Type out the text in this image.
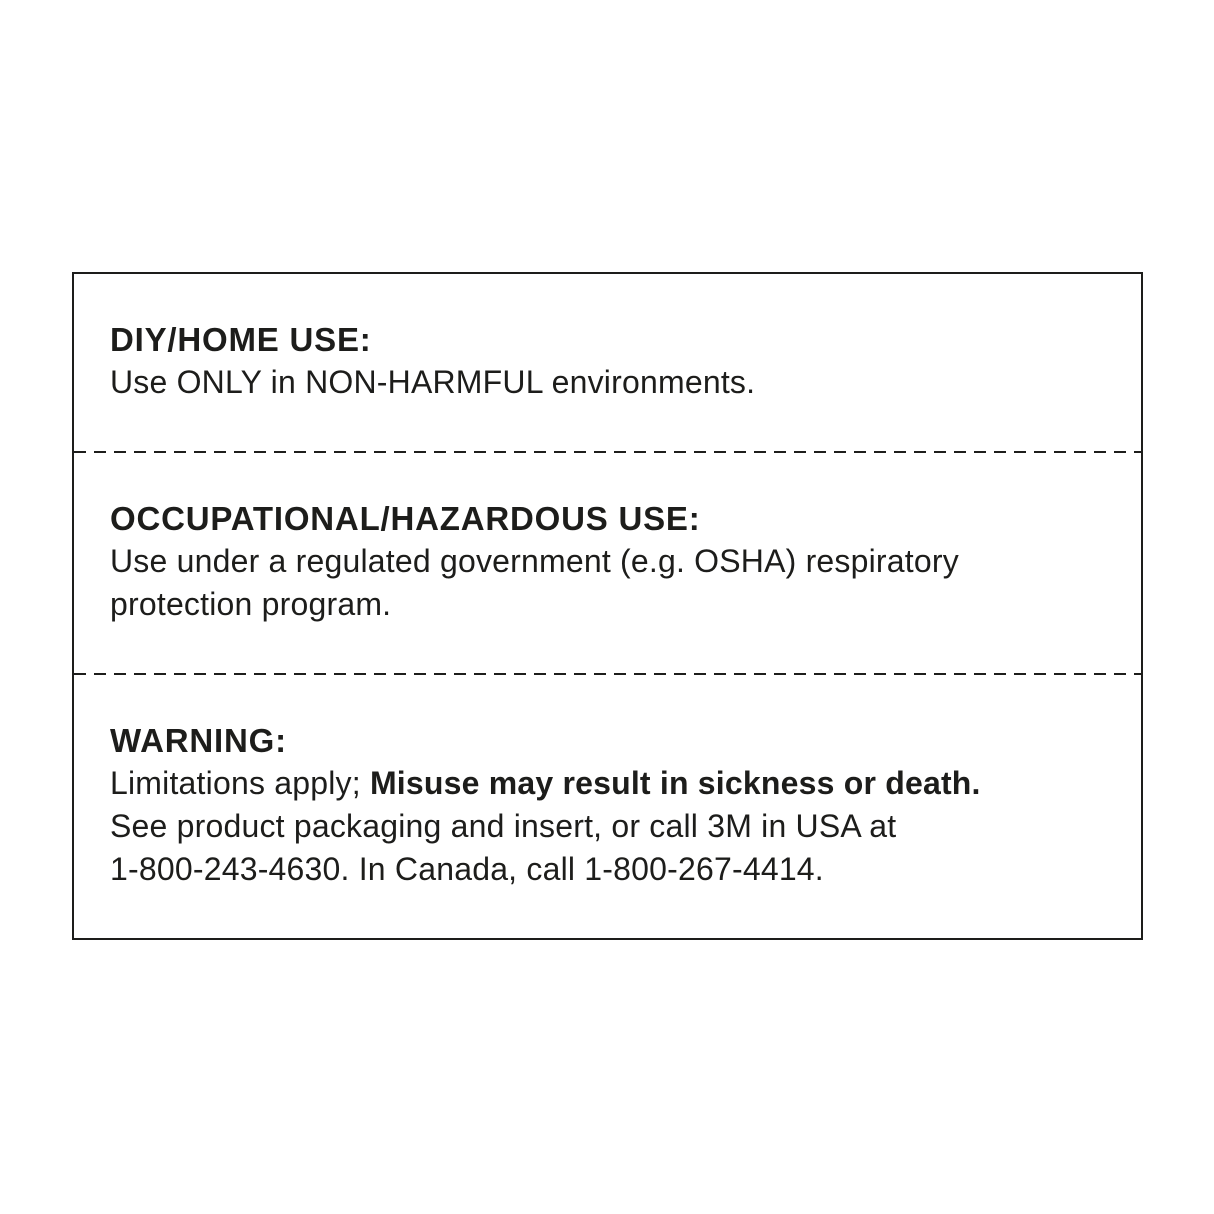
DIY/HOME USE:
Use ONLY in NON-HARMFUL environments.
OCCUPATIONAL/HAZARDOUS USE:
Use under a regulated government (e.g. OSHA) respiratory
protection program.
WARNING:
Limitations apply; Misuse may result in sickness or death.
See product packaging and insert, or call 3M in USA at
1-800-243-4630. In Canada, call 1-800-267-4414.
